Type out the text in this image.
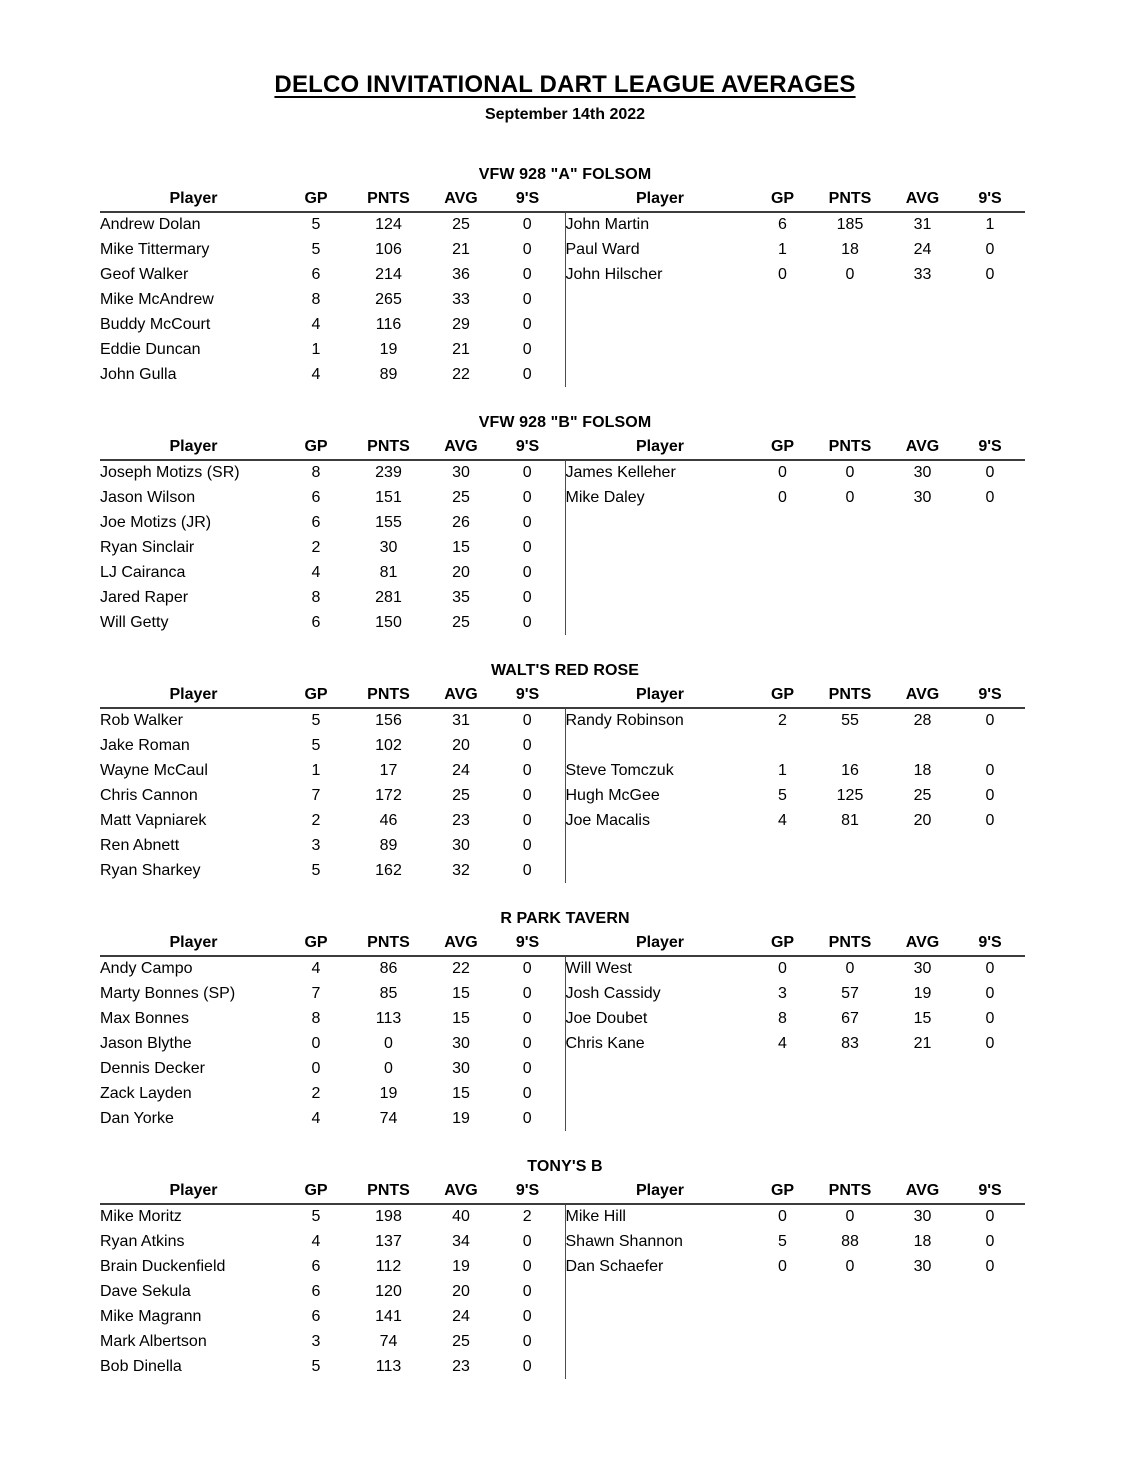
DELCO INVITATIONAL DART LEAGUE AVERAGES
September 14th 2022
VFW 928 "A" FOLSOM
Player	GP	PNTS	AVG	9'S	Player	GP	PNTS	AVG	9'S
Andrew Dolan	5	124	25	0	John Martin	6	185	31	1
Mike Tittermary	5	106	21	0	Paul Ward	1	18	24	0
Geof Walker	6	214	36	0	John Hilscher	0	0	33	0
Mike McAndrew	8	265	33	0					
Buddy McCourt	4	116	29	0					
Eddie Duncan	1	19	21	0					
John Gulla	4	89	22	0					
VFW 928 "B" FOLSOM
Player	GP	PNTS	AVG	9'S	Player	GP	PNTS	AVG	9'S
Joseph Motizs (SR)	8	239	30	0	James Kelleher	0	0	30	0
Jason Wilson	6	151	25	0	Mike Daley	0	0	30	0
Joe Motizs (JR)	6	155	26	0					
Ryan Sinclair	2	30	15	0					
LJ Cairanca	4	81	20	0					
Jared Raper	8	281	35	0					
Will Getty	6	150	25	0					
WALT'S RED ROSE
Player	GP	PNTS	AVG	9'S	Player	GP	PNTS	AVG	9'S
Rob Walker	5	156	31	0	Randy Robinson	2	55	28	0
Jake Roman	5	102	20	0					
Wayne McCaul	1	17	24	0	Steve Tomczuk	1	16	18	0
Chris Cannon	7	172	25	0	Hugh McGee	5	125	25	0
Matt Vapniarek	2	46	23	0	Joe Macalis	4	81	20	0
Ren Abnett	3	89	30	0					
Ryan Sharkey	5	162	32	0					
R PARK TAVERN
Player	GP	PNTS	AVG	9'S	Player	GP	PNTS	AVG	9'S
Andy Campo	4	86	22	0	Will West	0	0	30	0
Marty Bonnes (SP)	7	85	15	0	Josh Cassidy	3	57	19	0
Max Bonnes	8	113	15	0	Joe Doubet	8	67	15	0
Jason Blythe	0	0	30	0	Chris Kane	4	83	21	0
Dennis Decker	0	0	30	0					
Zack Layden	2	19	15	0					
Dan Yorke	4	74	19	0					
TONY'S B
Player	GP	PNTS	AVG	9'S	Player	GP	PNTS	AVG	9'S
Mike Moritz	5	198	40	2	Mike Hill	0	0	30	0
Ryan Atkins	4	137	34	0	Shawn Shannon	5	88	18	0
Brain Duckenfield	6	112	19	0	Dan Schaefer	0	0	30	0
Dave Sekula	6	120	20	0					
Mike Magrann	6	141	24	0					
Mark Albertson	3	74	25	0					
Bob Dinella	5	113	23	0					
